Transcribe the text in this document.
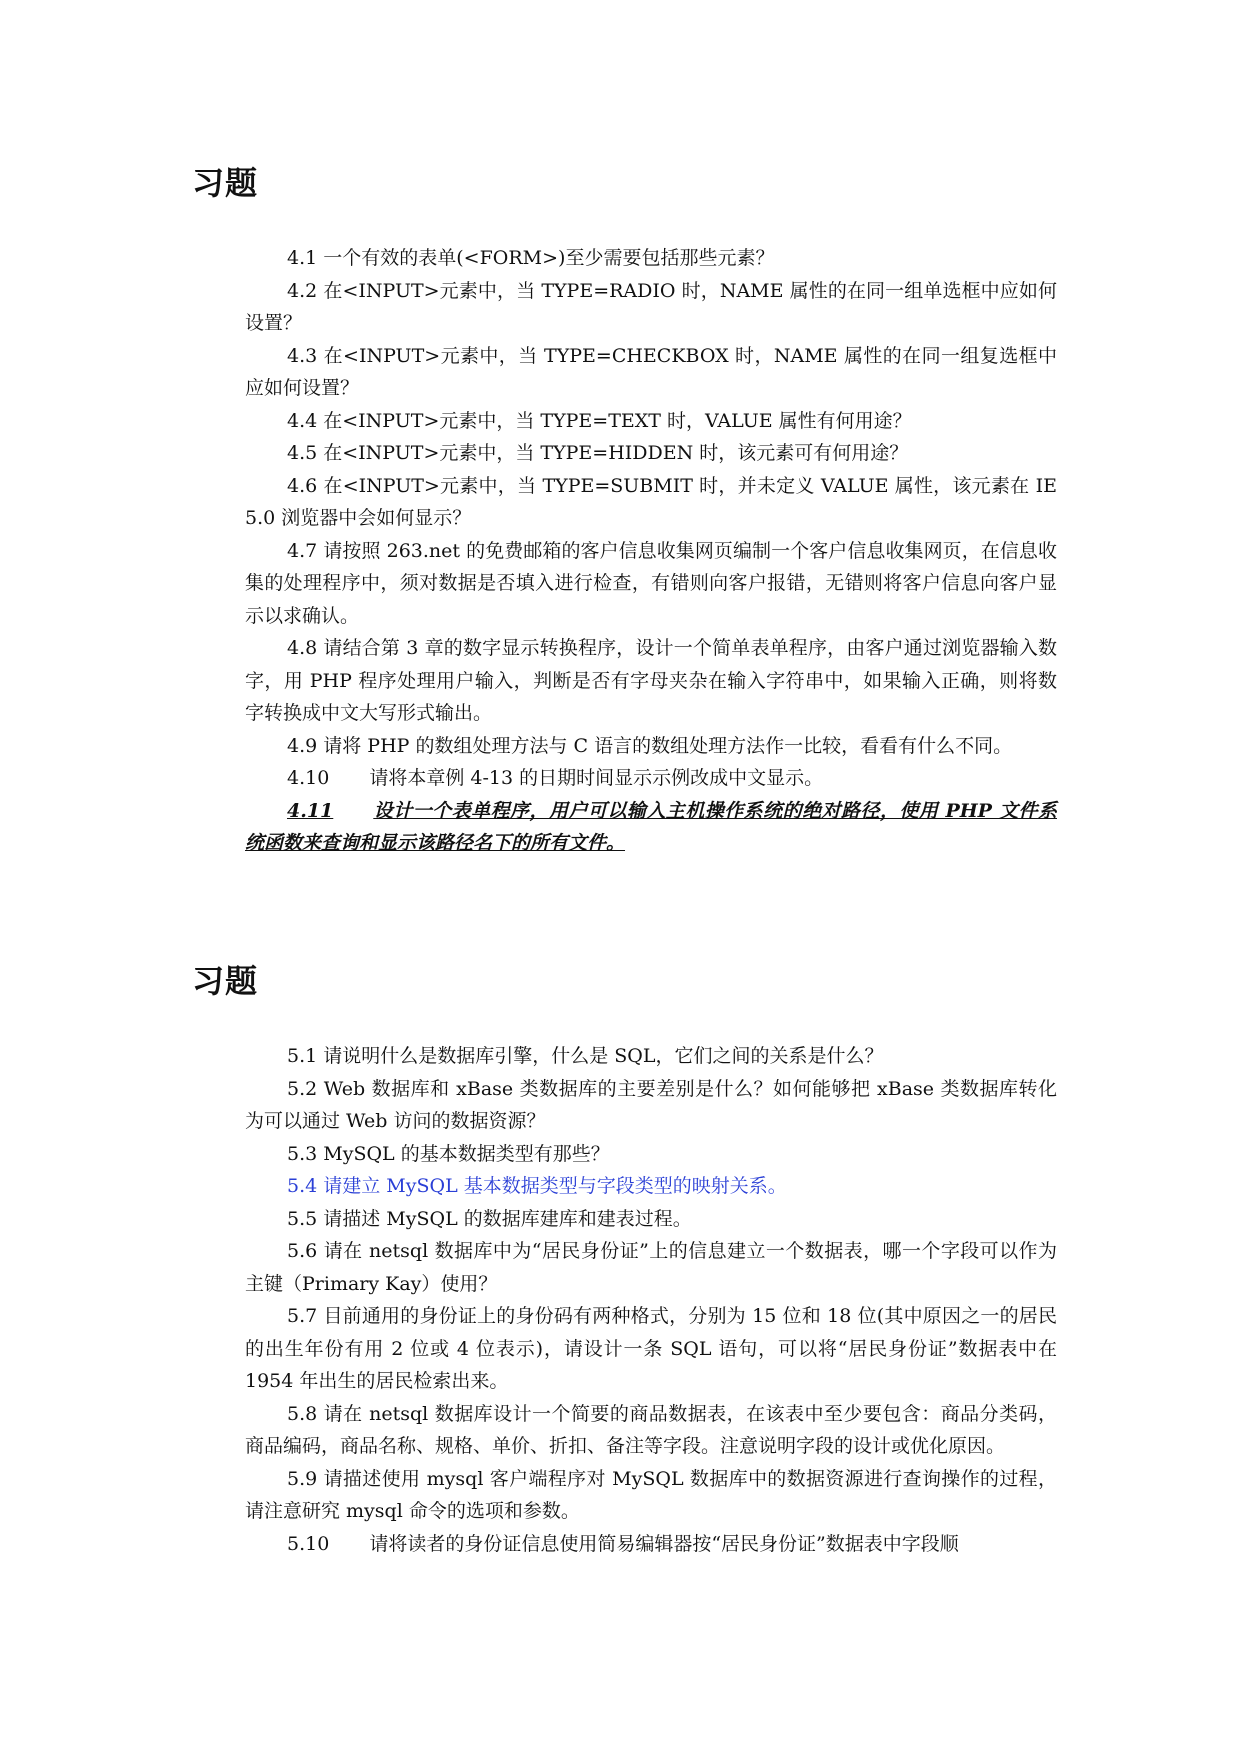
习题

4.1 一个有效的表单(<FORM>)至少需要包括那些元素？

4.2 在<INPUT>元素中，当 TYPE=RADIO 时，NAME 属性的在同一组单选框中应如何设置？

4.3 在<INPUT>元素中，当 TYPE=CHECKBOX 时，NAME 属性的在同一组复选框中应如何设置？

4.4 在<INPUT>元素中，当 TYPE=TEXT 时，VALUE 属性有何用途？

4.5 在<INPUT>元素中，当 TYPE=HIDDEN 时，该元素可有何用途？

4.6 在<INPUT>元素中，当 TYPE=SUBMIT 时，并未定义 VALUE 属性，该元素在 IE 5.0 浏览器中会如何显示？

4.7 请按照 263.net 的免费邮箱的客户信息收集网页编制一个客户信息收集网页，在信息收集的处理程序中，须对数据是否填入进行检查，有错则向客户报错，无错则将客户信息向客户显示以求确认。

4.8 请结合第 3 章的数字显示转换程序，设计一个简单表单程序，由客户通过浏览器输入数字，用 PHP 程序处理用户输入，判断是否有字母夹杂在输入字符串中，如果输入正确，则将数字转换成中文大写形式输出。

4.9 请将 PHP 的数组处理方法与 C 语言的数组处理方法作一比较，看看有什么不同。

4.10 请将本章例 4-13 的日期时间显示示例改成中文显示。

4.11 设计一个表单程序，用户可以输入主机操作系统的绝对路径，使用 PHP 文件系统函数来查询和显示该路径名下的所有文件。

习题

5.1 请说明什么是数据库引擎，什么是 SQL，它们之间的关系是什么？

5.2 Web 数据库和 xBase 类数据库的主要差别是什么？如何能够把 xBase 类数据库转化为可以通过 Web 访问的数据资源？

5.3 MySQL 的基本数据类型有那些？

5.4 请建立 MySQL 基本数据类型与字段类型的映射关系。

5.5 请描述 MySQL 的数据库建库和建表过程。

5.6 请在 netsql 数据库中为“居民身份证”上的信息建立一个数据表，哪一个字段可以作为主键（Primary Kay）使用？

5.7 目前通用的身份证上的身份码有两种格式，分别为 15 位和 18 位(其中原因之一的居民的出生年份有用 2 位或 4 位表示)，请设计一条 SQL 语句，可以将“居民身份证”数据表中在 1954 年出生的居民检索出来。

5.8 请在 netsql 数据库设计一个简要的商品数据表，在该表中至少要包含：商品分类码，商品编码，商品名称、规格、单价、折扣、备注等字段。注意说明字段的设计或优化原因。

5.9 请描述使用 mysql 客户端程序对 MySQL 数据库中的数据资源进行查询操作的过程，请注意研究 mysql 命令的选项和参数。

5.10 请将读者的身份证信息使用简易编辑器按“居民身份证”数据表中字段顺
